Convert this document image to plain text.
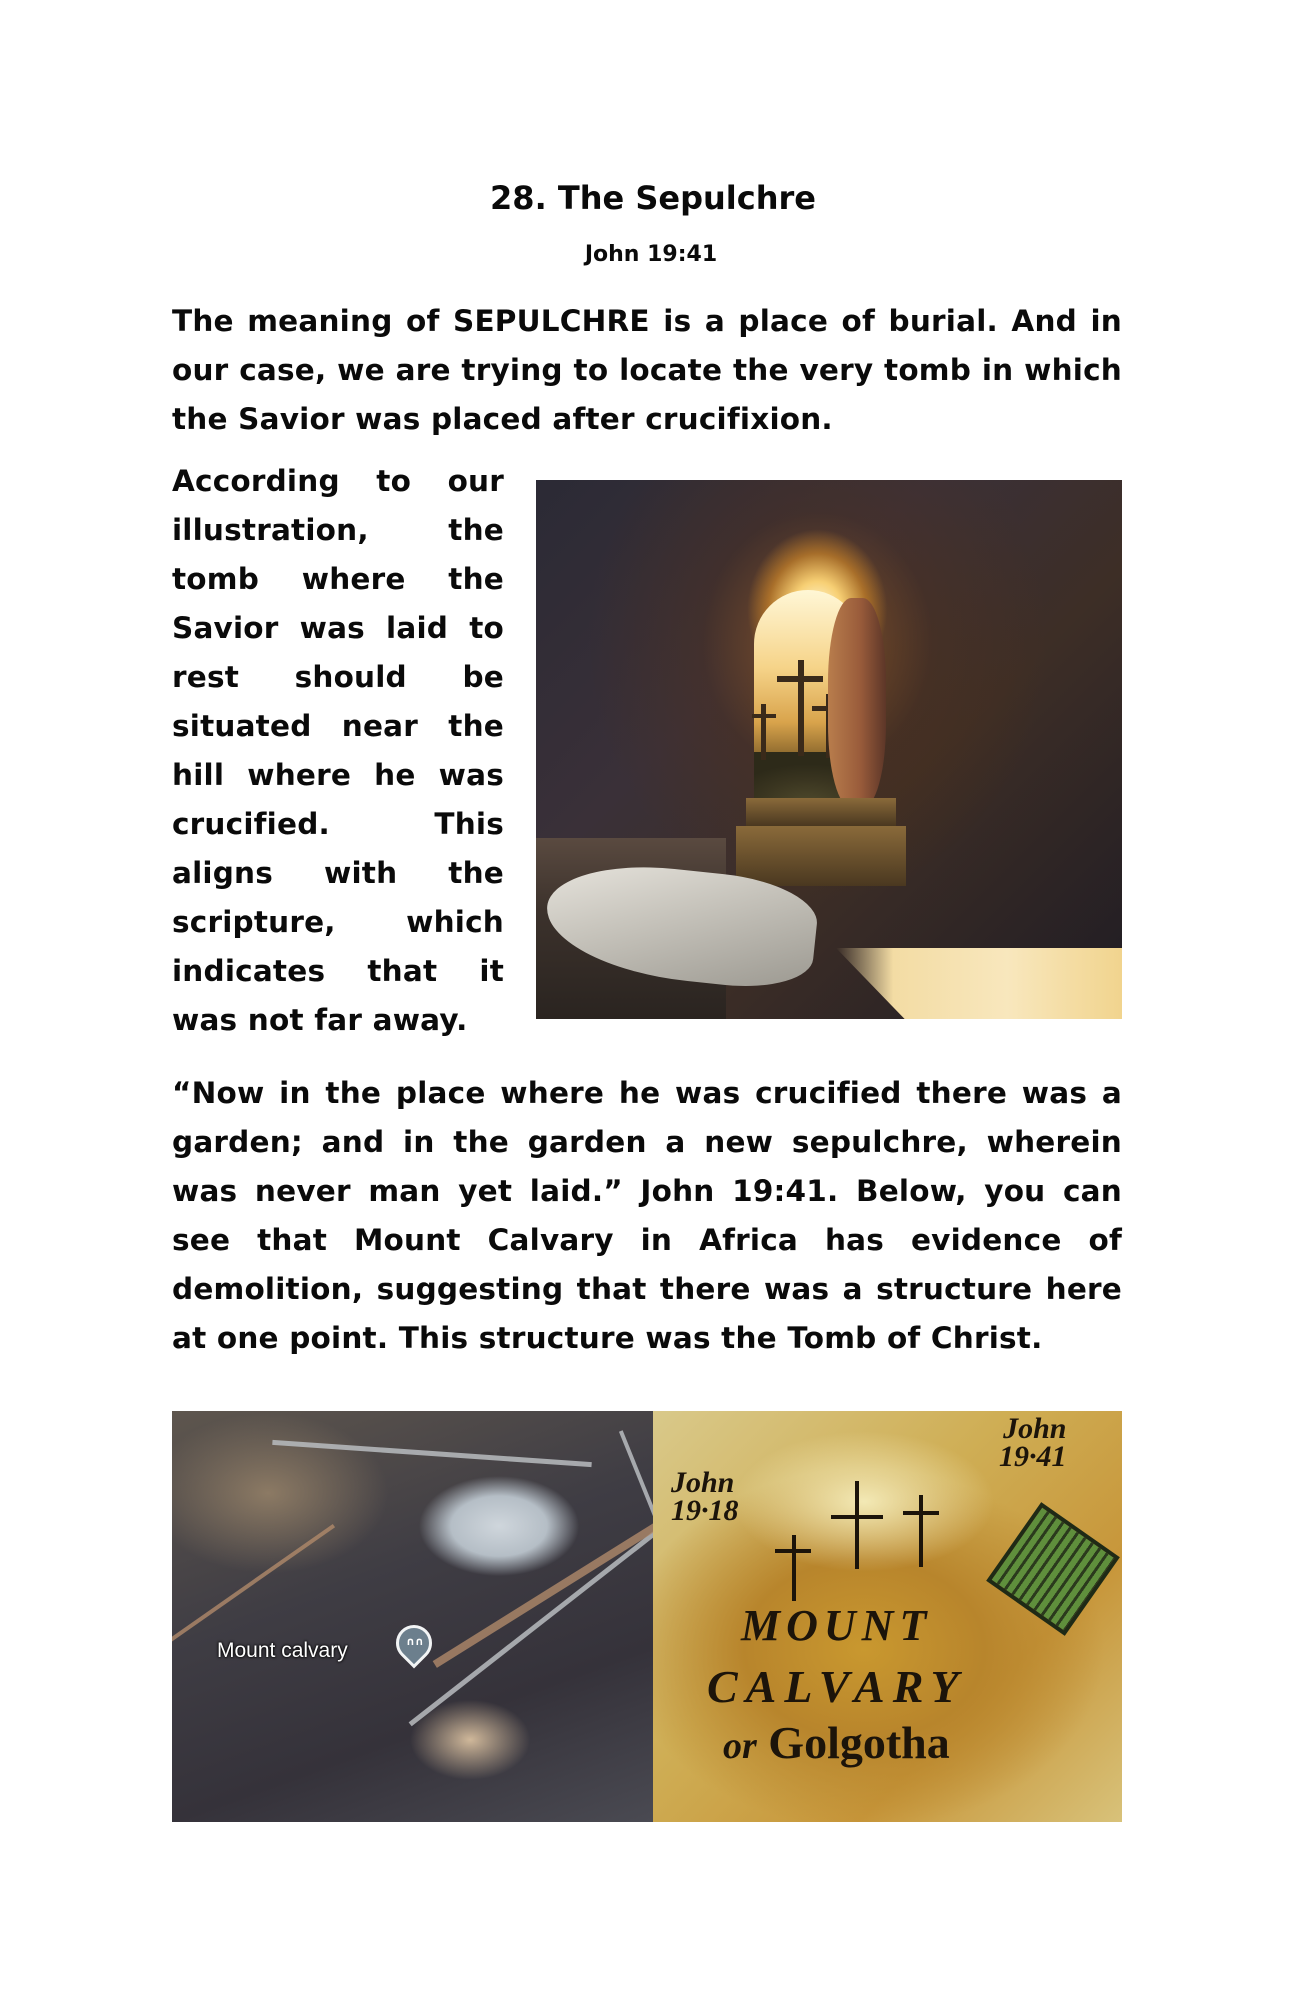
28. The Sepulchre
John 19:41

The meaning of SEPULCHRE is a place of burial. And in our case, we are trying to locate the very tomb in which the Savior was placed after crucifixion.

According to our illustration, the tomb where the Savior was laid to rest should be situated near the hill where he was crucified. This aligns with the scripture, which indicates that it was not far away.

“Now in the place where he was crucified there was a garden; and in the garden a new sepulchre, wherein was never man yet laid.” John 19:41. Below, you can see that Mount Calvary in Africa has evidence of demolition, suggesting that there was a structure here at one point. This structure was the Tomb of Christ.

Mount calvary	∩∩
John
19·18
John
19·41
MOUNT
CALVARY
or Golgotha
